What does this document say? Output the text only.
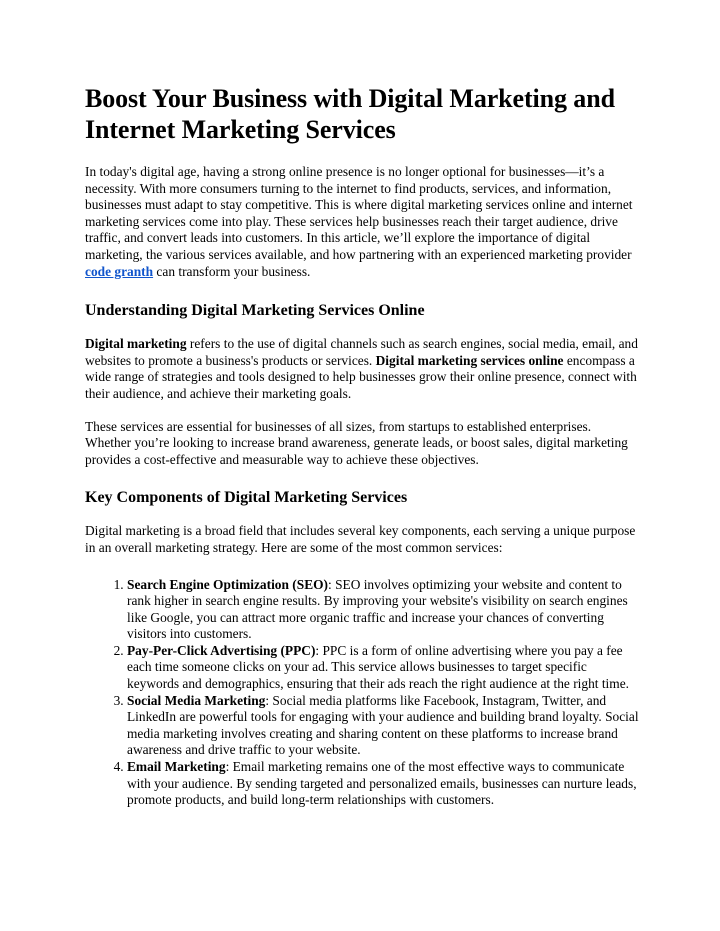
Boost Your Business with Digital Marketing and Internet Marketing Services

In today's digital age, having a strong online presence is no longer optional for businesses—it’s a necessity. With more consumers turning to the internet to find products, services, and information, businesses must adapt to stay competitive. This is where digital marketing services online and internet marketing services come into play. These services help businesses reach their target audience, drive traffic, and convert leads into customers. In this article, we’ll explore the importance of digital marketing, the various services available, and how partnering with an experienced marketing provider code granth can transform your business.

Understanding Digital Marketing Services Online

Digital marketing refers to the use of digital channels such as search engines, social media, email, and websites to promote a business's products or services. Digital marketing services online encompass a wide range of strategies and tools designed to help businesses grow their online presence, connect with their audience, and achieve their marketing goals.

These services are essential for businesses of all sizes, from startups to established enterprises. Whether you’re looking to increase brand awareness, generate leads, or boost sales, digital marketing provides a cost-effective and measurable way to achieve these objectives.

Key Components of Digital Marketing Services

Digital marketing is a broad field that includes several key components, each serving a unique purpose in an overall marketing strategy. Here are some of the most common services:

1. Search Engine Optimization (SEO): SEO involves optimizing your website and content to rank higher in search engine results. By improving your website's visibility on search engines like Google, you can attract more organic traffic and increase your chances of converting visitors into customers.
2. Pay-Per-Click Advertising (PPC): PPC is a form of online advertising where you pay a fee each time someone clicks on your ad. This service allows businesses to target specific keywords and demographics, ensuring that their ads reach the right audience at the right time.
3. Social Media Marketing: Social media platforms like Facebook, Instagram, Twitter, and LinkedIn are powerful tools for engaging with your audience and building brand loyalty. Social media marketing involves creating and sharing content on these platforms to increase brand awareness and drive traffic to your website.
4. Email Marketing: Email marketing remains one of the most effective ways to communicate with your audience. By sending targeted and personalized emails, businesses can nurture leads, promote products, and build long-term relationships with customers.
